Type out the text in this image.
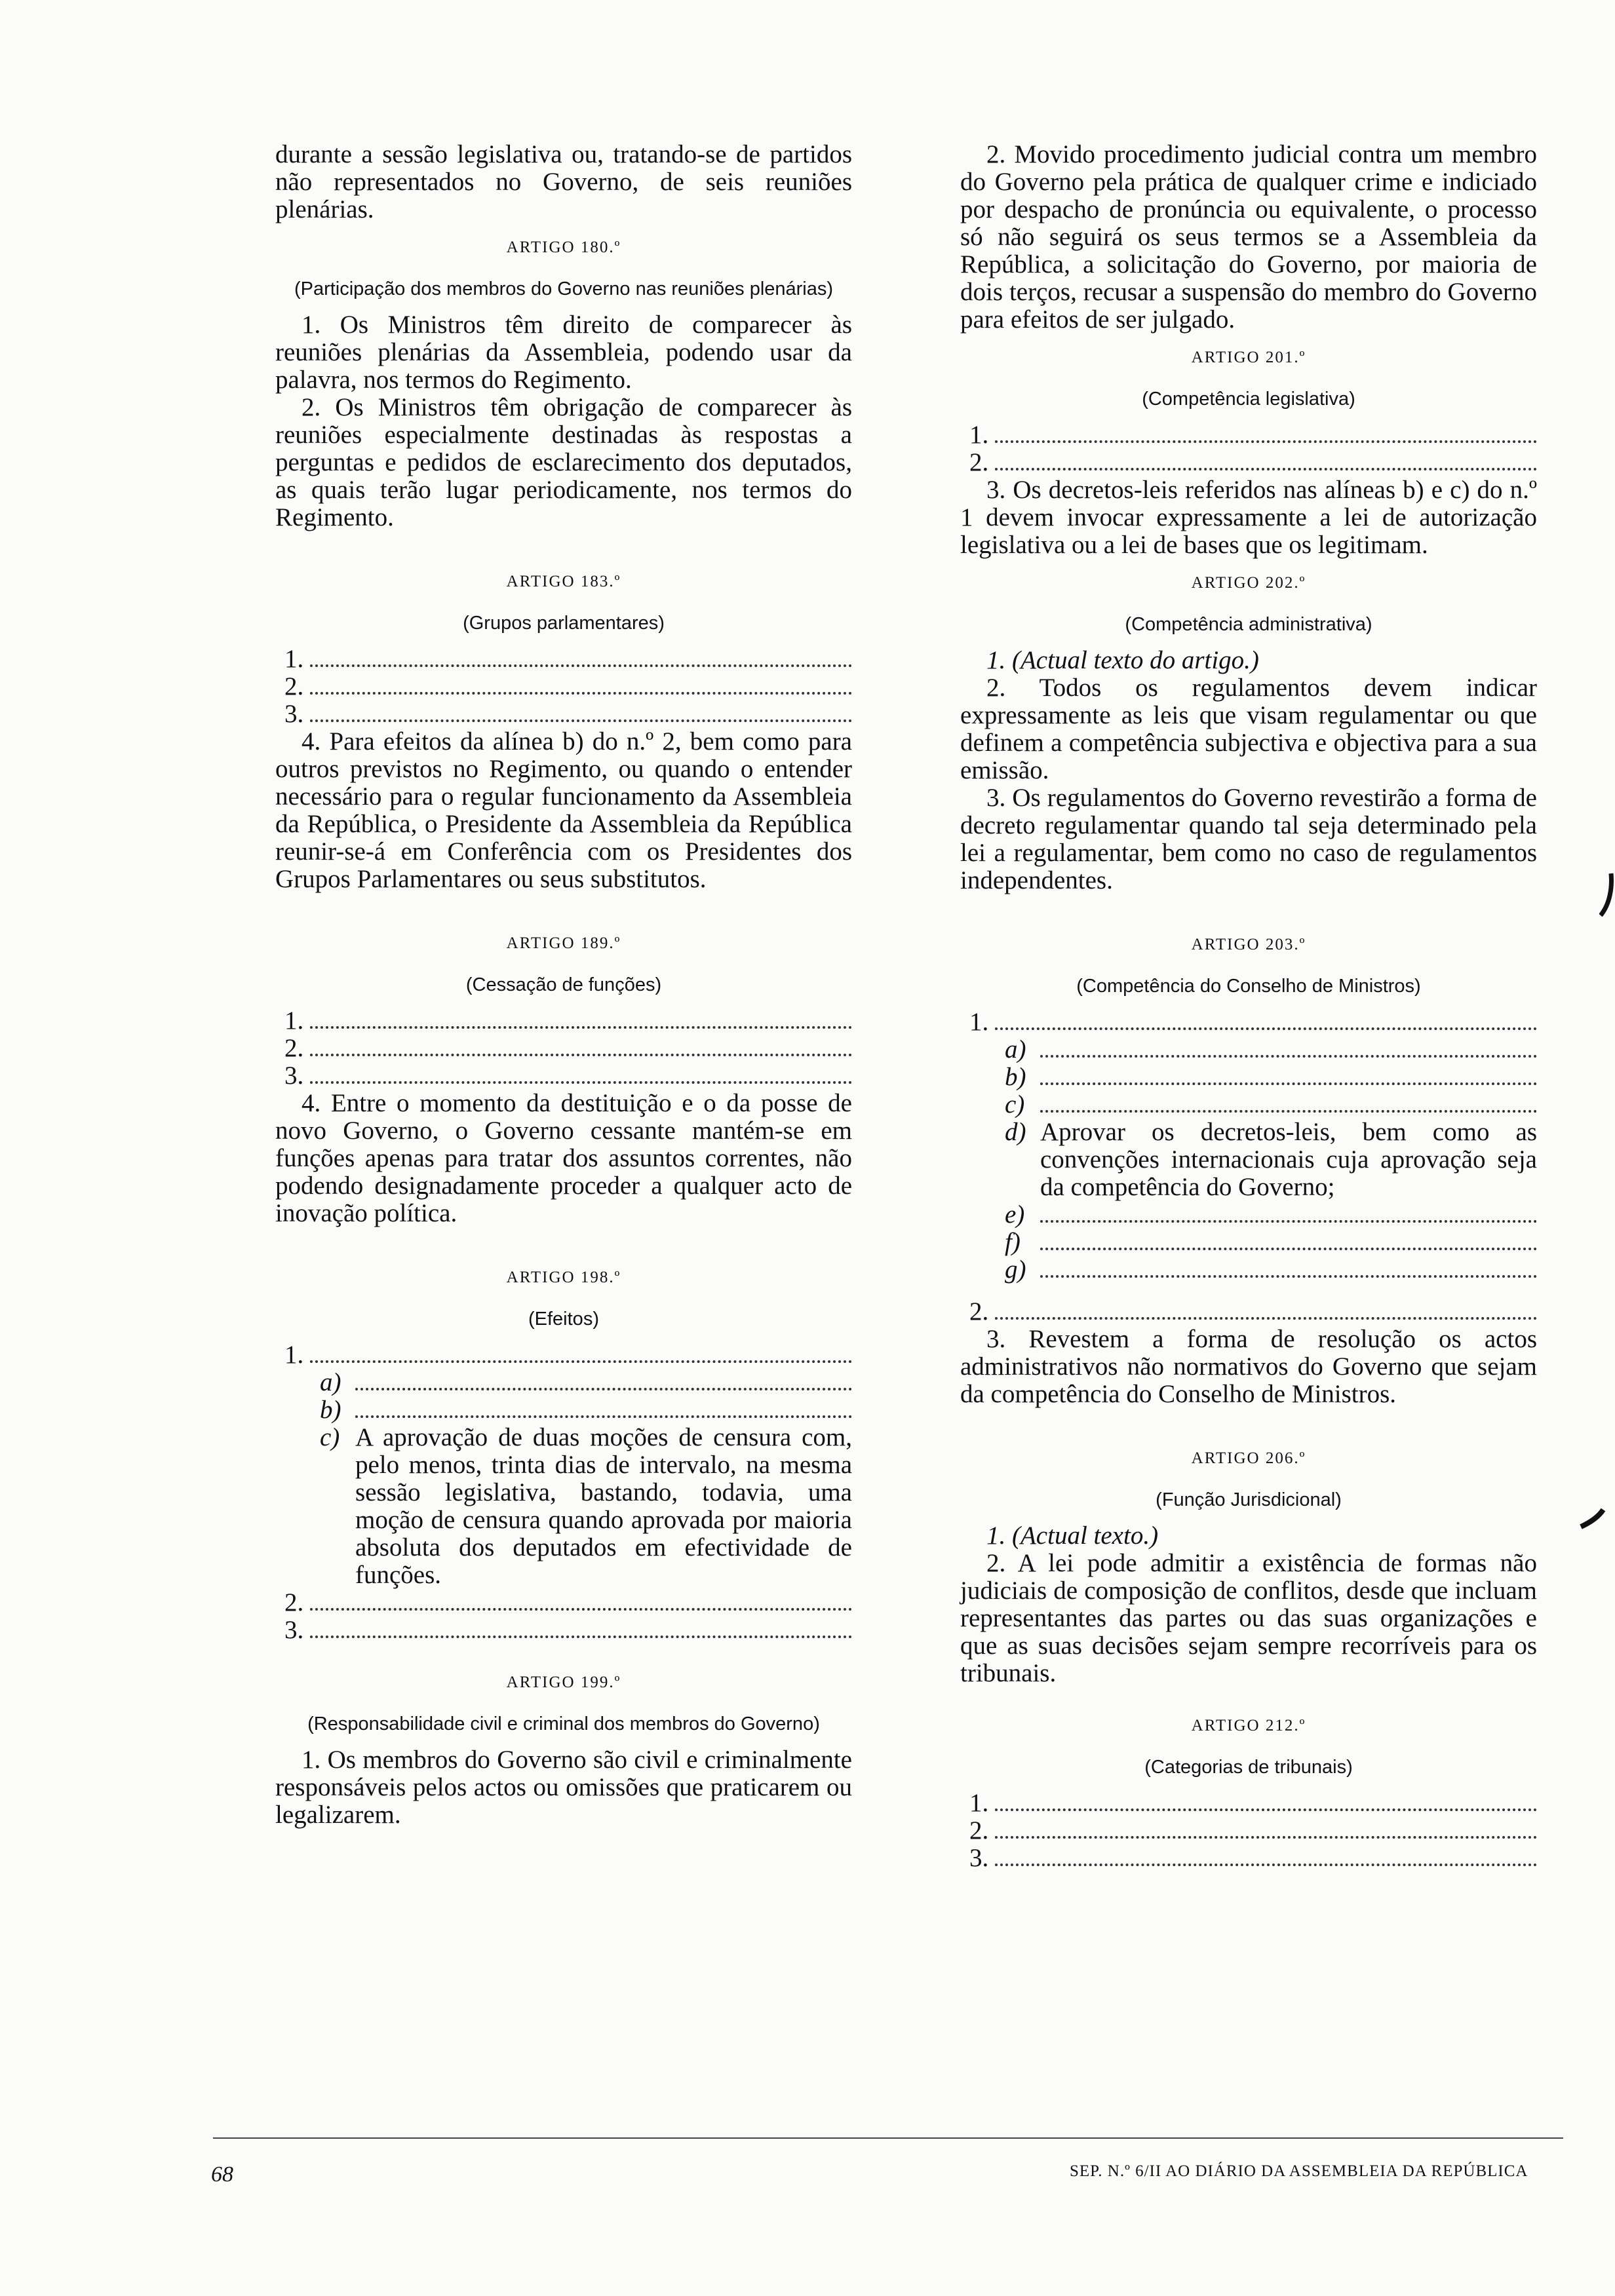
durante a sessão legislativa ou, tratando-se de partidos não representados no Governo, de seis reuniões plenárias.

ARTIGO 180.º
(Participação dos membros do Governo nas reuniões plenárias)

1. Os Ministros têm direito de comparecer às reuniões plenárias da Assembleia, podendo usar da palavra, nos termos do Regimento.

2. Os Ministros têm obrigação de comparecer às reuniões especialmente destinadas às respostas a perguntas e pedidos de esclarecimento dos deputados, as quais terão lugar periodicamente, nos termos do Regimento.

ARTIGO 183.º
(Grupos parlamentares)
1.
2.
3.

4. Para efeitos da alínea b) do n.º 2, bem como para outros previstos no Regimento, ou quando o entender necessário para o regular funcionamento da Assembleia da República, o Presidente da Assembleia da República reunir-se-á em Conferência com os Presidentes dos Grupos Parlamentares ou seus substitutos.

ARTIGO 189.º
(Cessação de funções)
1.
2.
3.

4. Entre o momento da destituição e o da posse de novo Governo, o Governo cessante mantém-se em funções apenas para tratar dos assuntos correntes, não podendo designadamente proceder a qualquer acto de inovação política.

ARTIGO 198.º
(Efeitos)
1.
a)
b)
c) A aprovação de duas moções de censura com, pelo menos, trinta dias de intervalo, na mesma sessão legislativa, bastando, todavia, uma moção de censura quando aprovada por maioria absoluta dos deputados em efectividade de funções.
2.
3.
ARTIGO 199.º
(Responsabilidade civil e criminal dos membros do Governo)

1. Os membros do Governo são civil e criminalmente responsáveis pelos actos ou omissões que praticarem ou legalizarem.

2. Movido procedimento judicial contra um membro do Governo pela prática de qualquer crime e indiciado por despacho de pronúncia ou equivalente, o processo só não seguirá os seus termos se a Assembleia da República, a solicitação do Governo, por maioria de dois terços, recusar a suspensão do membro do Governo para efeitos de ser julgado.

ARTIGO 201.º
(Competência legislativa)
1.
2.

3. Os decretos-leis referidos nas alíneas b) e c) do n.º 1 devem invocar expressamente a lei de autorização legislativa ou a lei de bases que os legitimam.

ARTIGO 202.º
(Competência administrativa)

1. (Actual texto do artigo.)

2. Todos os regulamentos devem indicar expressamente as leis que visam regulamentar ou que definem a competência subjectiva e objectiva para a sua emissão.

3. Os regulamentos do Governo revestirão a forma de decreto regulamentar quando tal seja determinado pela lei a regulamentar, bem como no caso de regulamentos independentes.

ARTIGO 203.º
(Competência do Conselho de Ministros)
1.
a)
b)
c)
d) Aprovar os decretos-leis, bem como as convenções internacionais cuja aprovação seja da competência do Governo;
e)
f)
g)
2.

3. Revestem a forma de resolução os actos administrativos não normativos do Governo que sejam da competência do Conselho de Ministros.

ARTIGO 206.º
(Função Jurisdicional)

1. (Actual texto.)

2. A lei pode admitir a existência de formas não judiciais de composição de conflitos, desde que incluam representantes das partes ou das suas organizações e que as suas decisões sejam sempre recorríveis para os tribunais.

ARTIGO 212.º
(Categorias de tribunais)
1.
2.
3.
68	SEP. N.º 6/II AO DIÁRIO DA ASSEMBLEIA DA REPÚBLICA
